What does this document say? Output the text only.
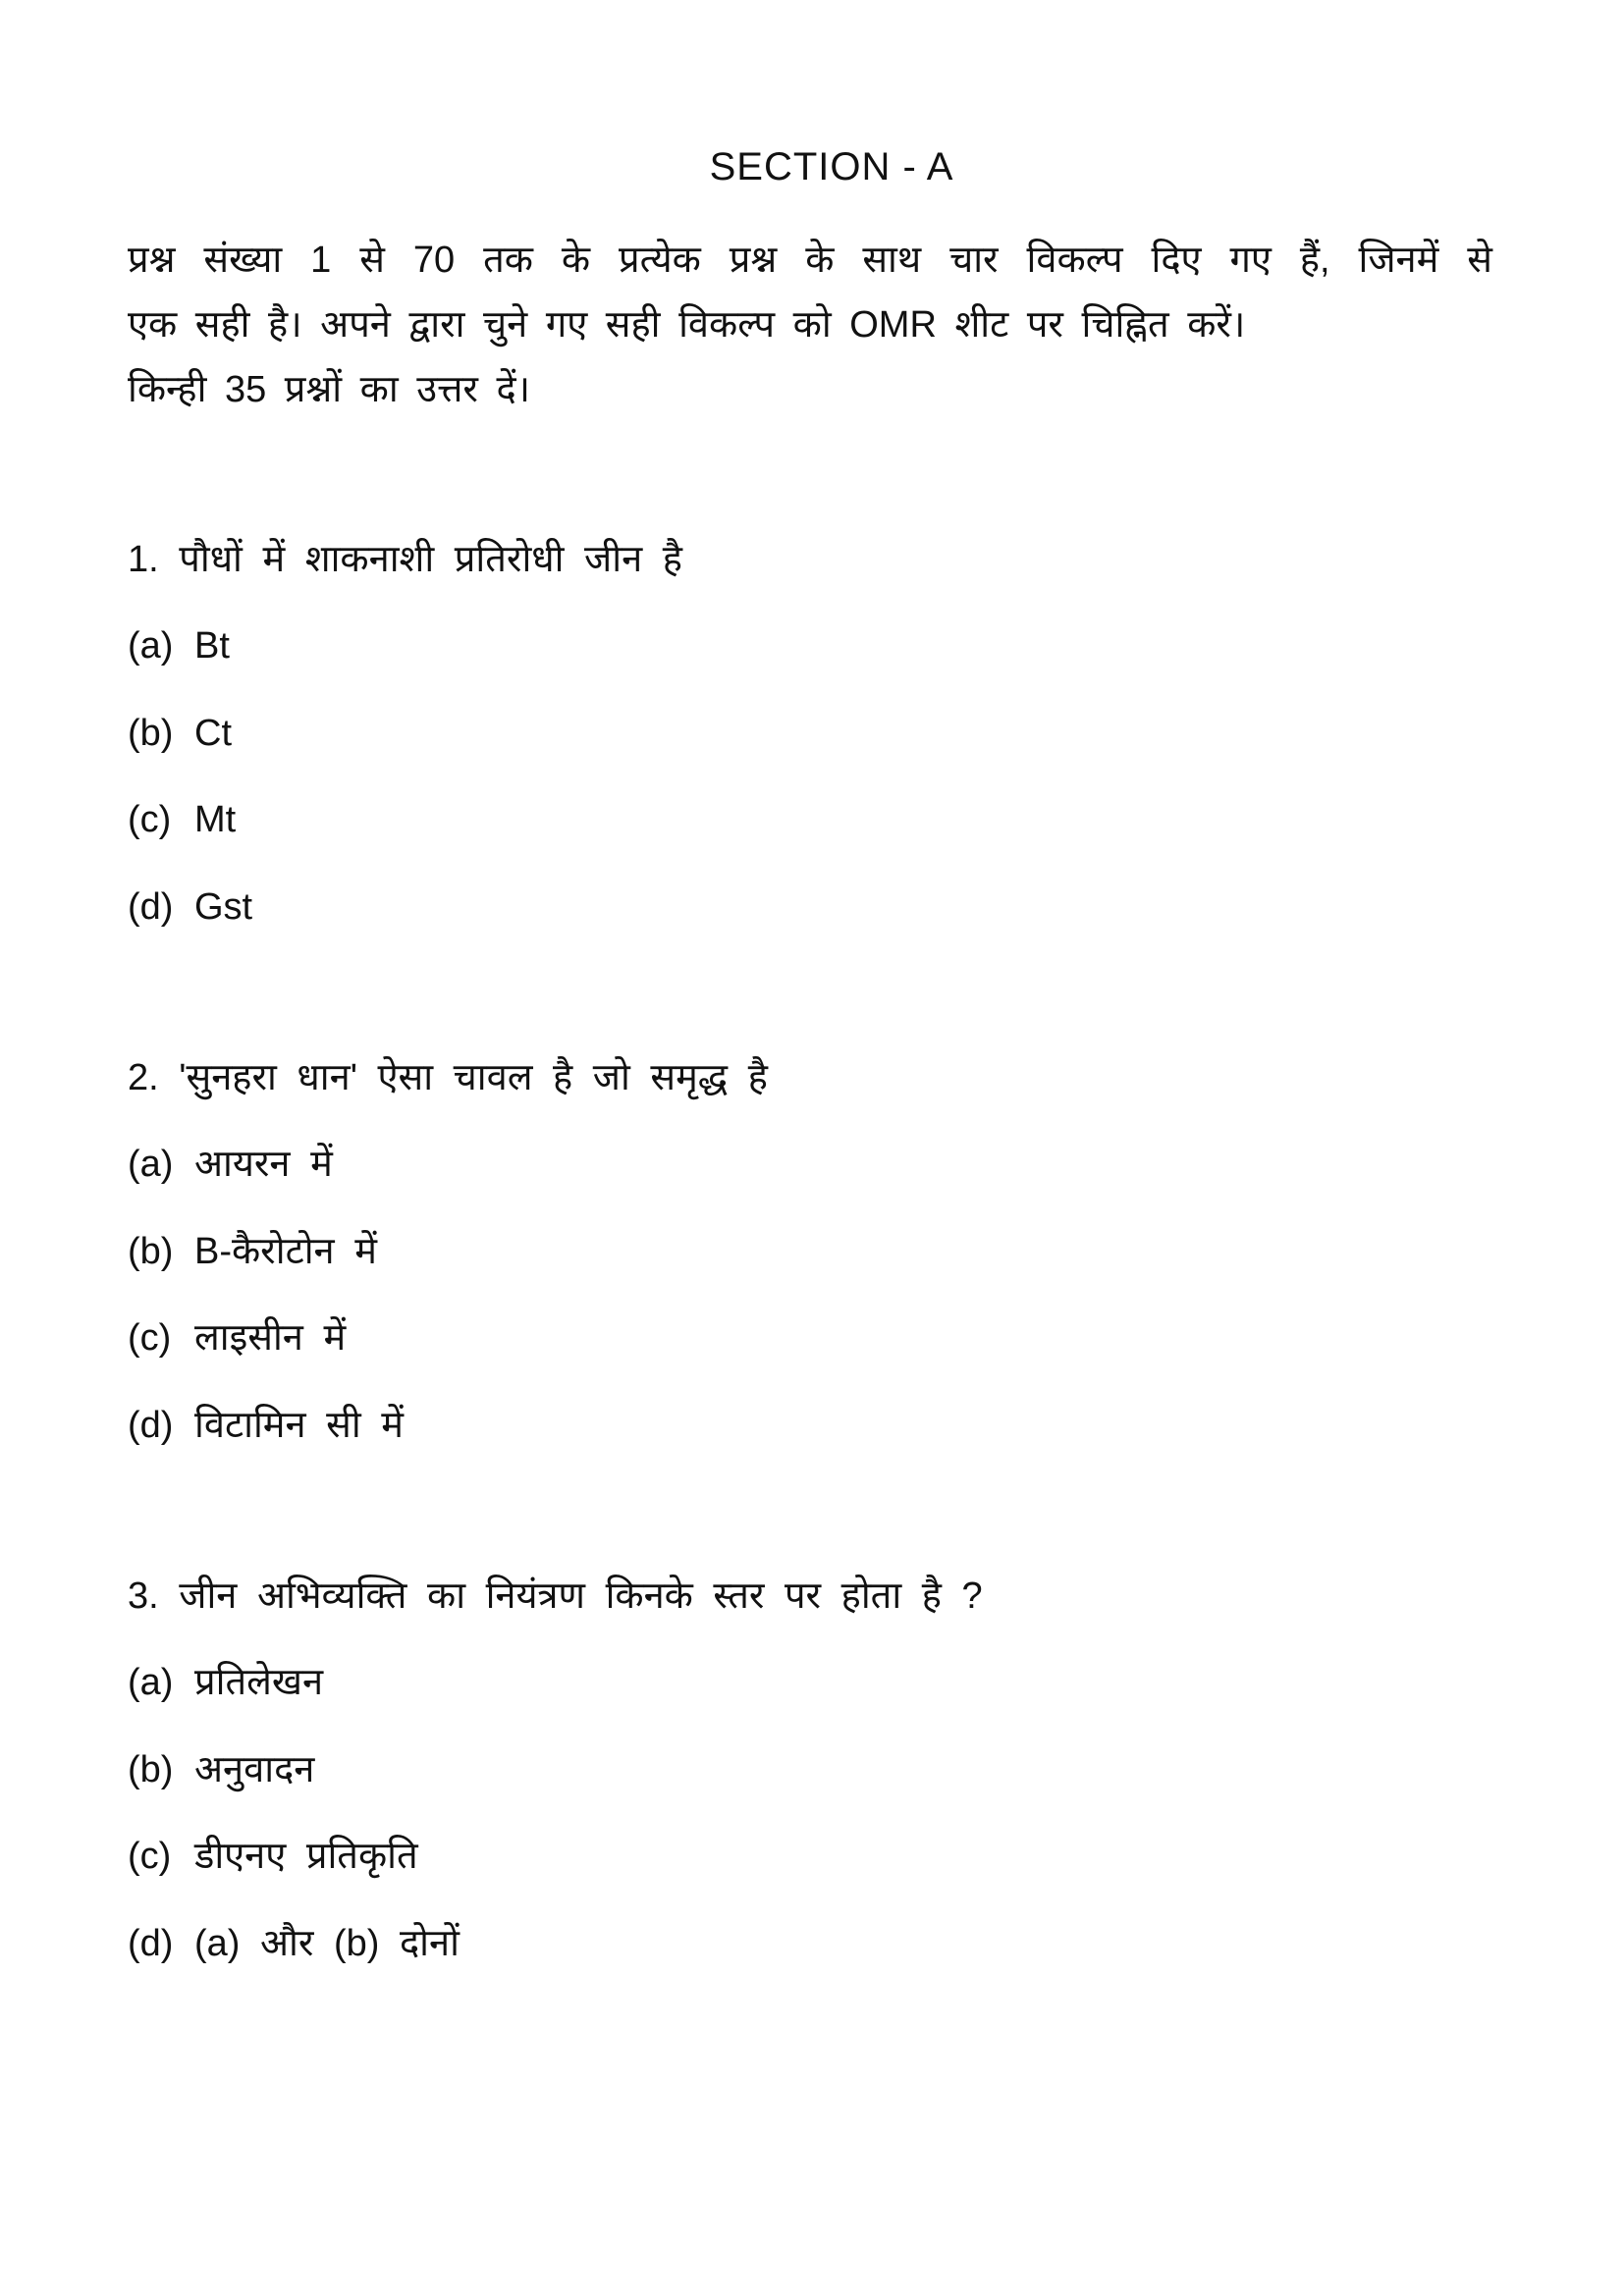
SECTION - A
प्रश्न संख्या 1 से 70 तक के प्रत्येक प्रश्न के साथ चार विकल्प दिए गए हैं, जिनमें से
एक सही है। अपने द्वारा चुने गए सही विकल्प को OMR शीट पर चिह्नित करें।
किन्ही 35 प्रश्नों का उत्तर दें।
1. पौधों में शाकनाशी प्रतिरोधी जीन है
(a) Bt
(b) Ct
(c) Mt
(d) Gst
2. 'सुनहरा धान' ऐसा चावल है जो समृद्ध है
(a) आयरन में
(b) B-कैरोटोन में
(c) लाइसीन में
(d) विटामिन सी में
3. जीन अभिव्यक्ति का नियंत्रण किनके स्तर पर होता है ?
(a) प्रतिलेखन
(b) अनुवादन
(c) डीएनए प्रतिकृति
(d) (a) और (b) दोनों
